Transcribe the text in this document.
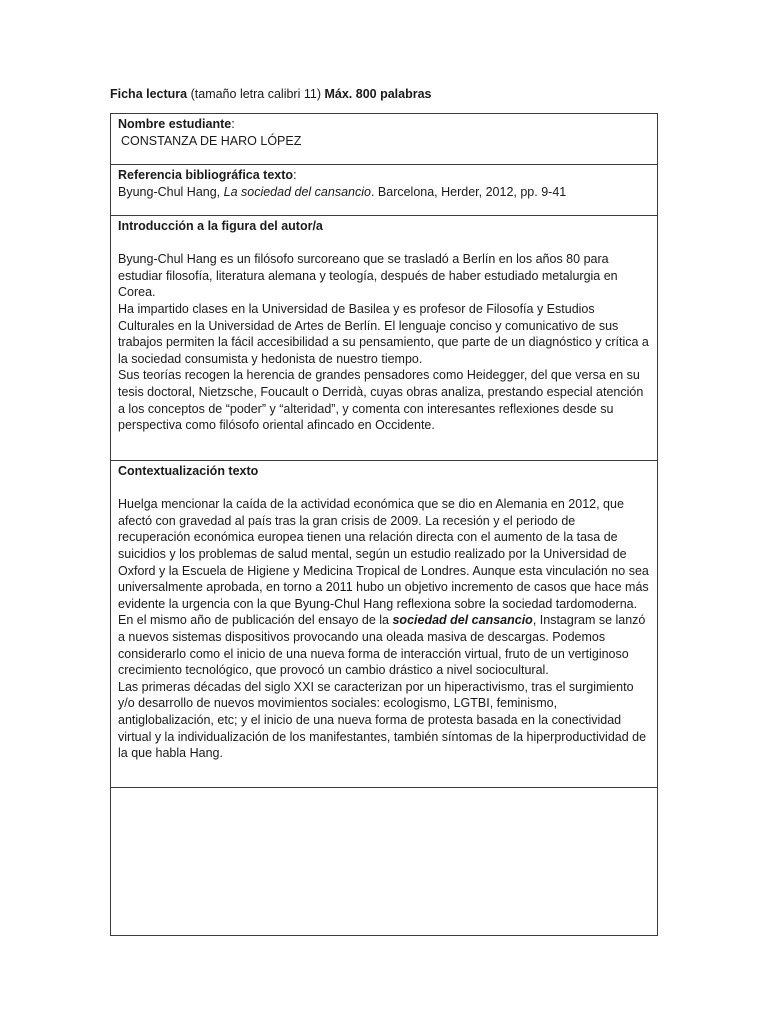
Ficha lectura (tamaño letra calibri 11) Máx. 800 palabras
Nombre estudiante:
CONSTANZA DE HARO LÓPEZ

Referencia bibliográfica texto:
Byung-Chul Hang, La sociedad del cansancio. Barcelona, Herder, 2012, pp. 9-41

Introducción a la figura del autor/a

Byung-Chul Hang es un filósofo surcoreano que se trasladó a Berlín en los años 80 para estudiar filosofía, literatura alemana y teología, después de haber estudiado metalurgia en Corea.

Ha impartido clases en la Universidad de Basilea y es profesor de Filosofía y Estudios Culturales en la Universidad de Artes de Berlín. El lenguaje conciso y comunicativo de sus trabajos permiten la fácil accesibilidad a su pensamiento, que parte de un diagnóstico y crítica a la sociedad consumista y hedonista de nuestro tiempo.

Sus teorías recogen la herencia de grandes pensadores como Heidegger, del que versa en su tesis doctoral, Nietzsche, Foucault o Derridà, cuyas obras analiza, prestando especial atención a los conceptos de “poder” y “alteridad”, y comenta con interesantes reflexiones desde su perspectiva como filósofo oriental afincado en Occidente.

Contextualización texto

Huelga mencionar la caída de la actividad económica que se dio en Alemania en 2012, que afectó con gravedad al país tras la gran crisis de 2009. La recesión y el periodo de recuperación económica europea tienen una relación directa con el aumento de la tasa de suicidios y los problemas de salud mental, según un estudio realizado por la Universidad de Oxford y la Escuela de Higiene y Medicina Tropical de Londres. Aunque esta vinculación no sea universalmente aprobada, en torno a 2011 hubo un objetivo incremento de casos que hace más evidente la urgencia con la que Byung-Chul Hang reflexiona sobre la sociedad tardomoderna.

En el mismo año de publicación del ensayo de la sociedad del cansancio, Instagram se lanzó a nuevos sistemas dispositivos provocando una oleada masiva de descargas. Podemos considerarlo como el inicio de una nueva forma de interacción virtual, fruto de un vertiginoso crecimiento tecnológico, que provocó un cambio drástico a nivel sociocultural.

Las primeras décadas del siglo XXI se caracterizan por un hiperactivismo, tras el surgimiento y/o desarrollo de nuevos movimientos sociales: ecologismo, LGTBI, feminismo, antiglobalización, etc; y el inicio de una nueva forma de protesta basada en la conectividad virtual y la individualización de los manifestantes, también síntomas de la hiperproductividad de la que habla Hang.
